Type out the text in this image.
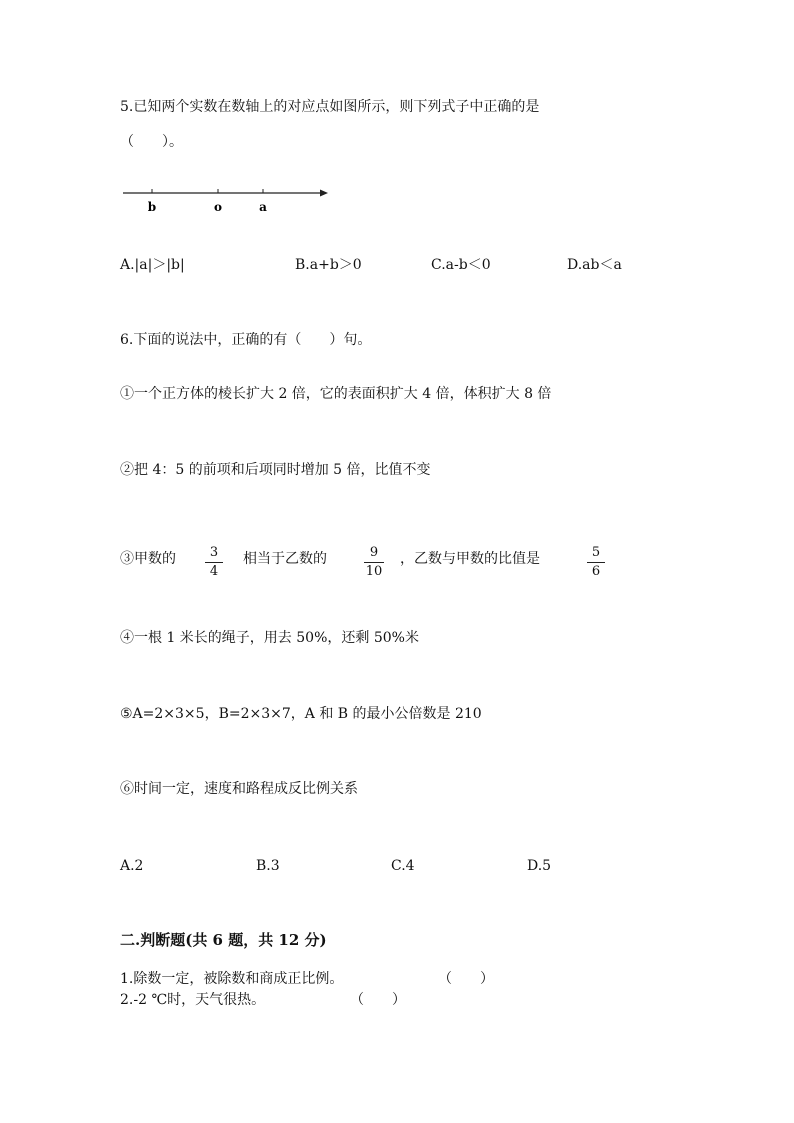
5.已知两个实数在数轴上的对应点如图所示，则下列式子中正确的是
（　　）。
b	o	a
A.|a|＞|b|	B.a+b＞0	C.a-b＜0	D.ab＜a
6.下面的说法中，正确的有（　　）句。
①一个正方体的棱长扩大 2 倍，它的表面积扩大 4 倍，体积扩大 8 倍
②把 4：5 的前项和后项同时增加 5 倍，比值不变
③甲数的	3
4
相当于乙数的	9
10
，乙数与甲数的比值是	5
6
④一根 1 米长的绳子，用去 50%，还剩 50%米
⑤A=2×3×5，B=2×3×7，A 和 B 的最小公倍数是 210
⑥时间一定，速度和路程成反比例关系
A.2	B.3	C.4	D.5
二.判断题(共 6 题，共 12 分)
1.除数一定，被除数和商成正比例。	（　　）
2.-2 ℃时，天气很热。	（　　）
